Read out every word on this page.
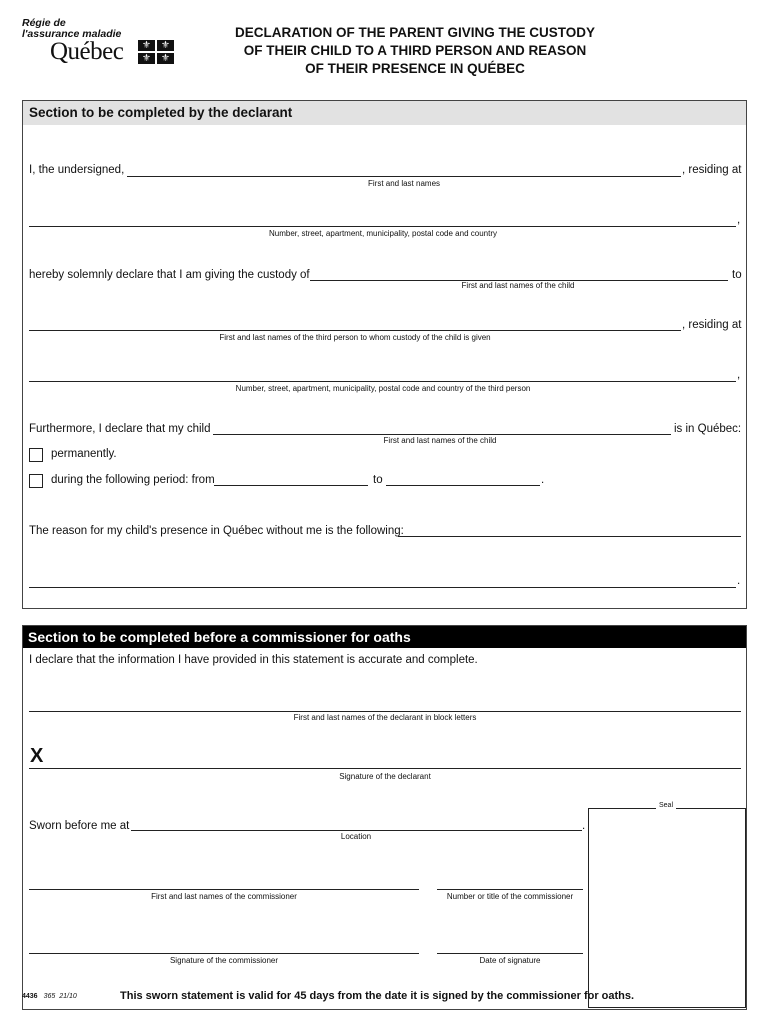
Régie de
l'assurance maladie
Québec	⚜	⚜
⚜	⚜
DECLARATION OF THE PARENT GIVING THE CUSTODY
OF THEIR CHILD TO A THIRD PERSON AND REASON
OF THEIR PRESENCE IN QUÉBEC
Section to be completed by the declarant
I, the undersigned,	, residing at
First and last names
,
Number, street, apartment, municipality, postal code and country
hereby solemnly declare that I am giving the custody of	to
First and last names of the child
, residing at
First and last names of the third person to whom custody of the child is given
,
Number, street, apartment, municipality, postal code and country of the third person
Furthermore, I declare that my child	is in Québec:
First and last names of the child
permanently.
during the following period: from	to	.
The reason for my child's presence in Québec without me is the following:
.
Section to be completed before a commissioner for oaths
I declare that the information I have provided in this statement is accurate and complete.
First and last names of the declarant in block letters
X
Signature of the declarant
Seal
Sworn before me at	.
Location
First and last names of the commissioner	Number or title of the commissioner
Signature of the commissioner	Date of signature
4436 365 21/10	This sworn statement is valid for 45 days from the date it is signed by the commissioner for oaths.
